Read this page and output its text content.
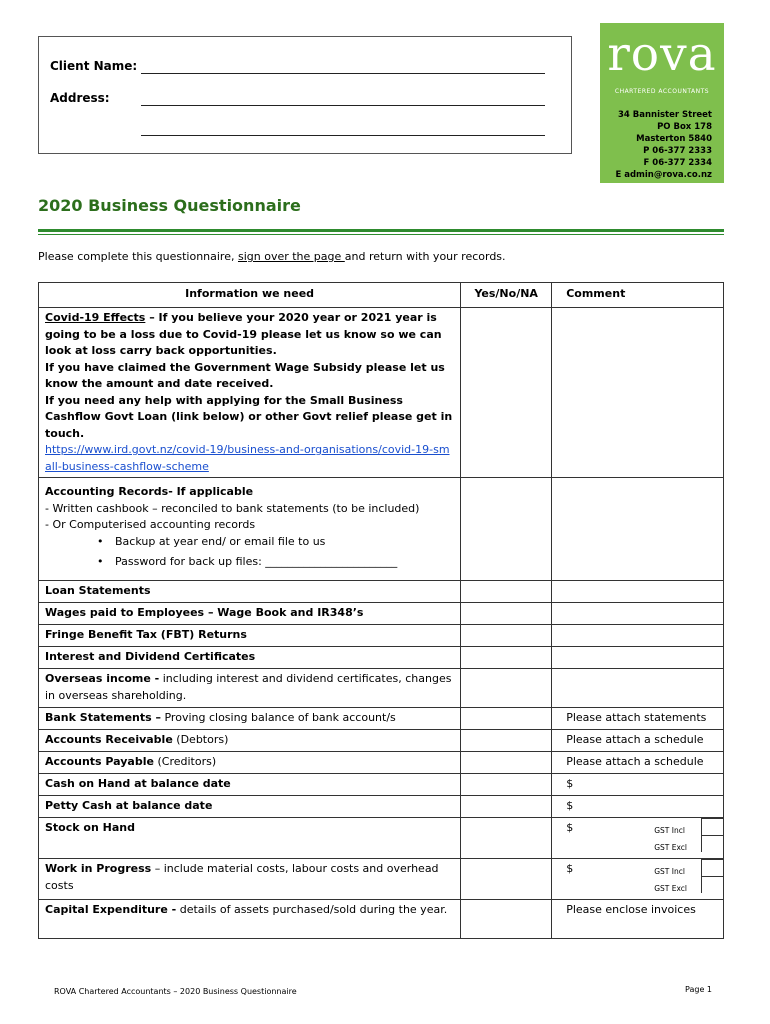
Client Name:
Address:
rova
CHARTERED ACCOUNTANTS
34 Bannister Street
PO Box 178
Masterton 5840
P 06-377 2333
F 06-377 2334
E admin@rova.co.nz
2020 Business Questionnaire
Please complete this questionnaire, sign over the page and return with your records.
Information we need	Yes/No/NA	Comment
Covid-19 Effects – If you believe your 2020 year or 2021 year is going to be a loss due to Covid-19 please let us know so we can look at loss carry back opportunities.
If you have claimed the Government Wage Subsidy please let us know the amount and date received.
If you need any help with applying for the Small Business Cashflow Govt Loan (link below) or other Govt relief please get in touch.
https://www.ird.govt.nz/covid-19/business-and-organisations/covid-19-small-business-cashflow-scheme		
Accounting Records- If applicable
- Written cashbook – reconciled to bank statements (to be included)
- Or Computerised accounting records
• Backup at year end/ or email file to us
• Password for back up files: ________________________

Loan Statements		
Wages paid to Employees – Wage Book and IR348’s		
Fringe Benefit Tax (FBT) Returns		
Interest and Dividend Certificates		
Overseas income - including interest and dividend certificates, changes in overseas shareholding.		
Bank Statements – Proving closing balance of bank account/s		Please attach statements
Accounts Receivable (Debtors)		Please attach a schedule
Accounts Payable (Creditors)		Please attach a schedule
Cash on Hand at balance date		$
Petty Cash at balance date		$
Stock on Hand		$ GST Incl
GST Excl

Work in Progress – include material costs, labour costs and overhead costs		$ GST Incl
GST Excl

Capital Expenditure - details of assets purchased/sold during the year.		Please enclose invoices
ROVA Chartered Accountants – 2020 Business Questionnaire	Page 1
